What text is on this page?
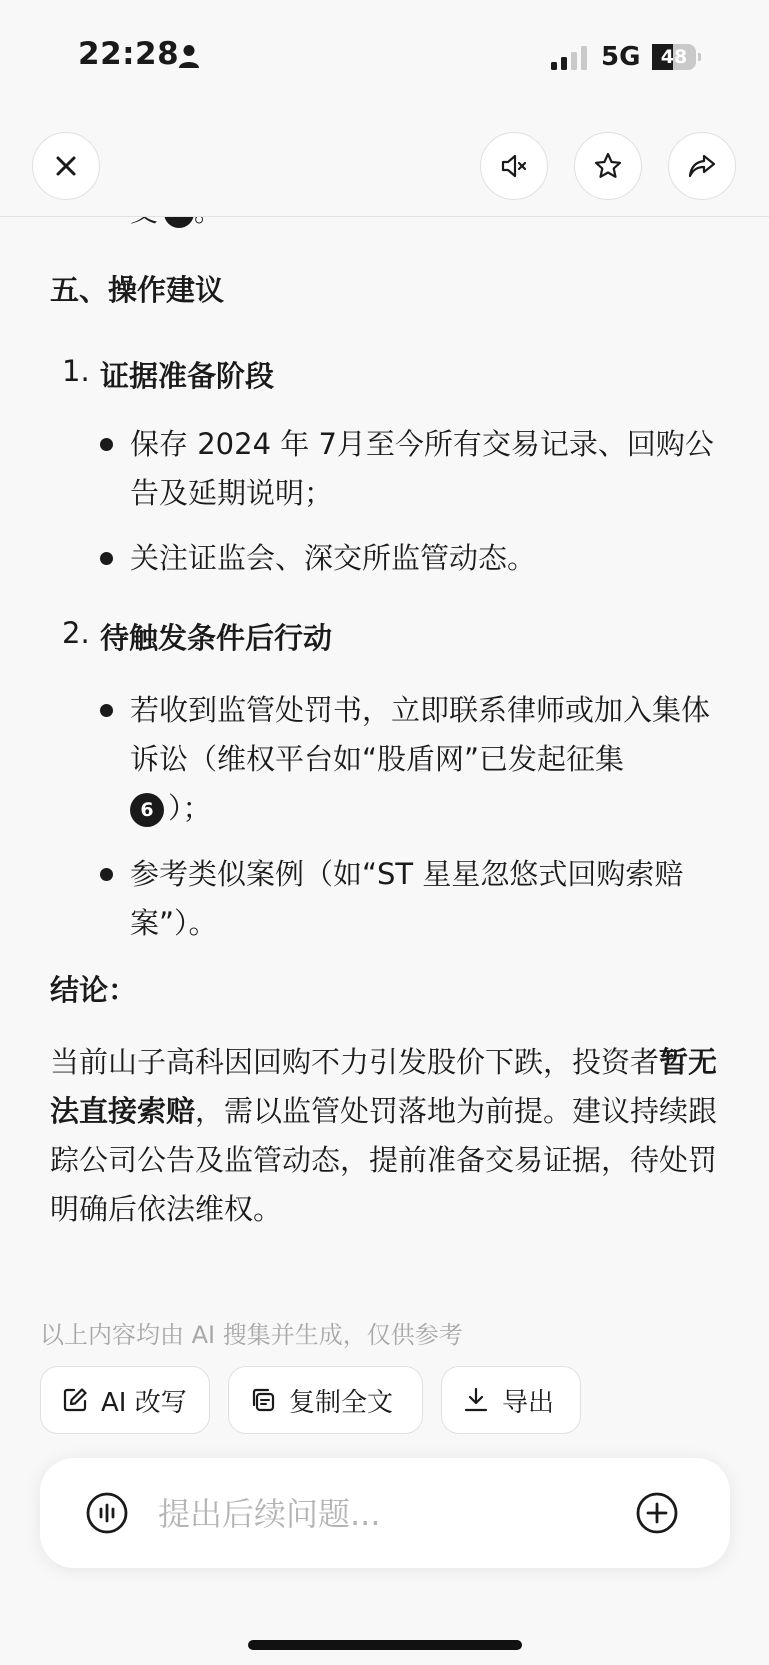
22:28	5G	48
五、操作建议
1. 证据准备阶段
保存 2024 年 7月至今所有交易记录、回购公告及延期说明；
关注证监会、深交所监管动态。
2. 待触发条件后行动
若收到监管处罚书，立即联系律师或加入集体诉讼（维权平台如“股盾网”已发起征集
6 ）；
参考类似案例（如“ST 星星忽悠式回购索赔案”）。
结论：
当前山子高科因回购不力引发股价下跌，投资者暂无法直接索赔，需以监管处罚落地为前提。建议持续跟踪公司公告及监管动态，提前准备交易证据，待处罚明确后依法维权。
以上内容均由 AI 搜集并生成，仅供参考
AI 改写	复制全文	导出
提出后续问题...
